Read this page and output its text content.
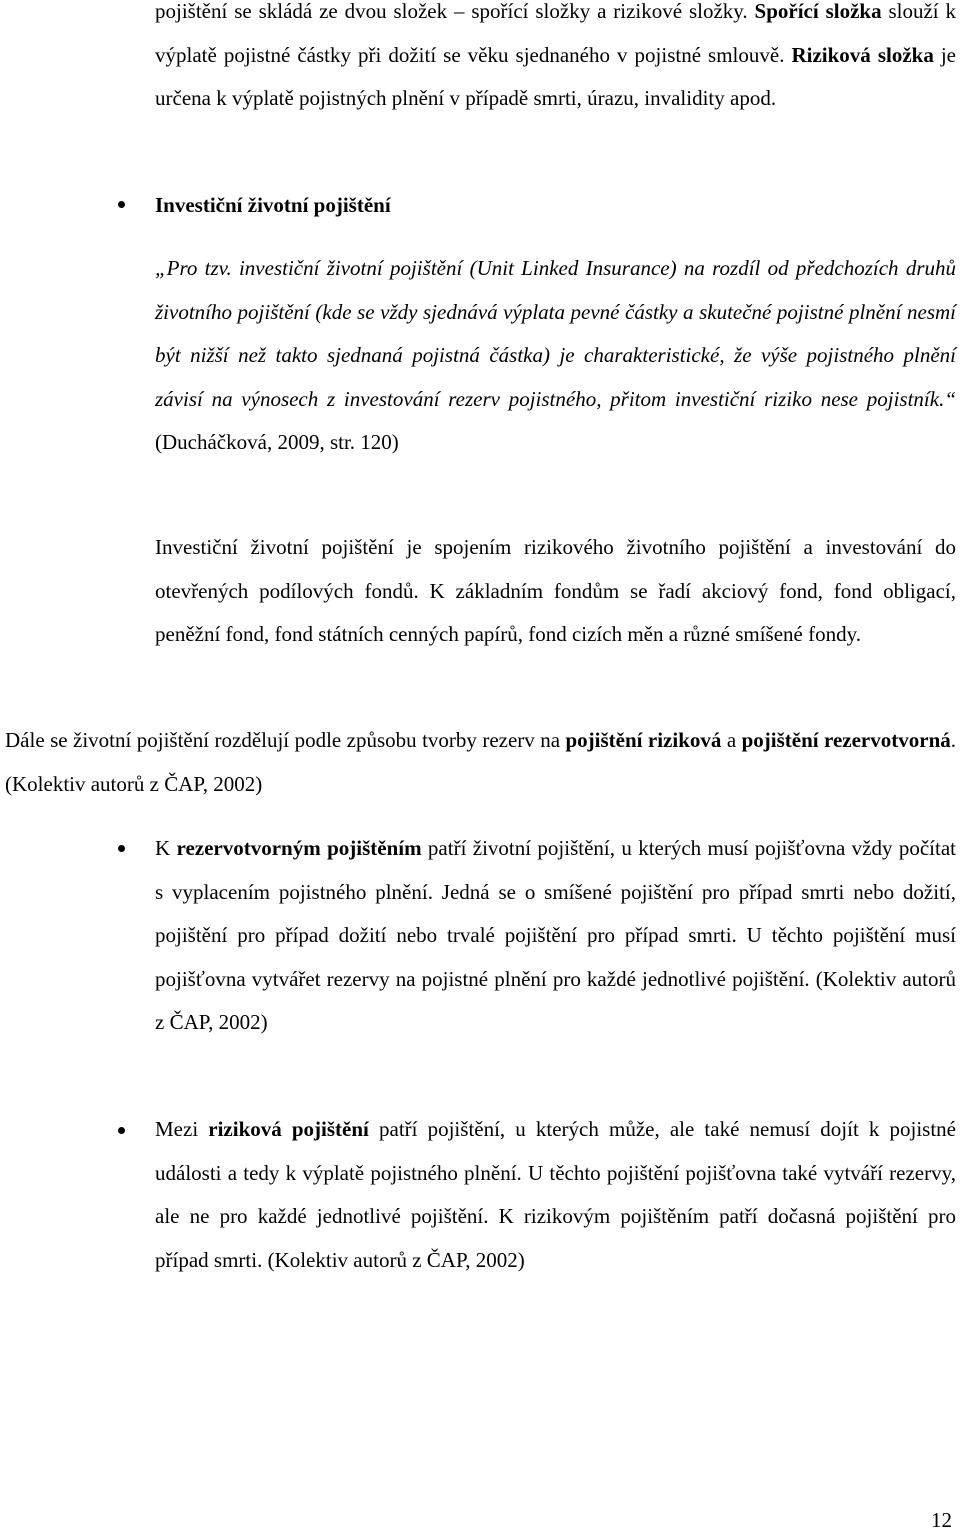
pojištění se skládá ze dvou složek – spořící složky a rizikové složky. Spořící složka slouží k výplatě pojistné částky při dožití se věku sjednaného v pojistné smlouvě. Riziková složka je určena k výplatě pojistných plnění v případě smrti, úrazu, invalidity apod.

Investiční životní pojištění

„Pro tzv. investiční životní pojištění (Unit Linked Insurance) na rozdíl od předchozích druhů životního pojištění (kde se vždy sjednává výplata pevné částky a skutečné pojistné plnění nesmí být nižší než takto sjednaná pojistná částka) je charakteristické, že výše pojistného plnění závisí na výnosech z investování rezerv pojistného, přitom investiční riziko nese pojistník.“ (Ducháčková, 2009, str. 120)

Investiční životní pojištění je spojením rizikového životního pojištění a investování do otevřených podílových fondů. K základním fondům se řadí akciový fond, fond obligací, peněžní fond, fond státních cenných papírů, fond cizích měn a různé smíšené fondy.

Dále se životní pojištění rozdělují podle způsobu tvorby rezerv na pojištění riziková a pojištění rezervotvorná. (Kolektiv autorů z ČAP, 2002)

K rezervotvorným pojištěním patří životní pojištění, u kterých musí pojišťovna vždy počítat s vyplacením pojistného plnění. Jedná se o smíšené pojištění pro případ smrti nebo dožití, pojištění pro případ dožití nebo trvalé pojištění pro případ smrti. U těchto pojištění musí pojišťovna vytvářet rezervy na pojistné plnění pro každé jednotlivé pojištění. (Kolektiv autorů z ČAP, 2002)

Mezi riziková pojištění patří pojištění, u kterých může, ale také nemusí dojít k pojistné události a tedy k výplatě pojistného plnění. U těchto pojištění pojišťovna také vytváří rezervy, ale ne pro každé jednotlivé pojištění. K rizikovým pojištěním patří dočasná pojištění pro případ smrti. (Kolektiv autorů z ČAP, 2002)

12
